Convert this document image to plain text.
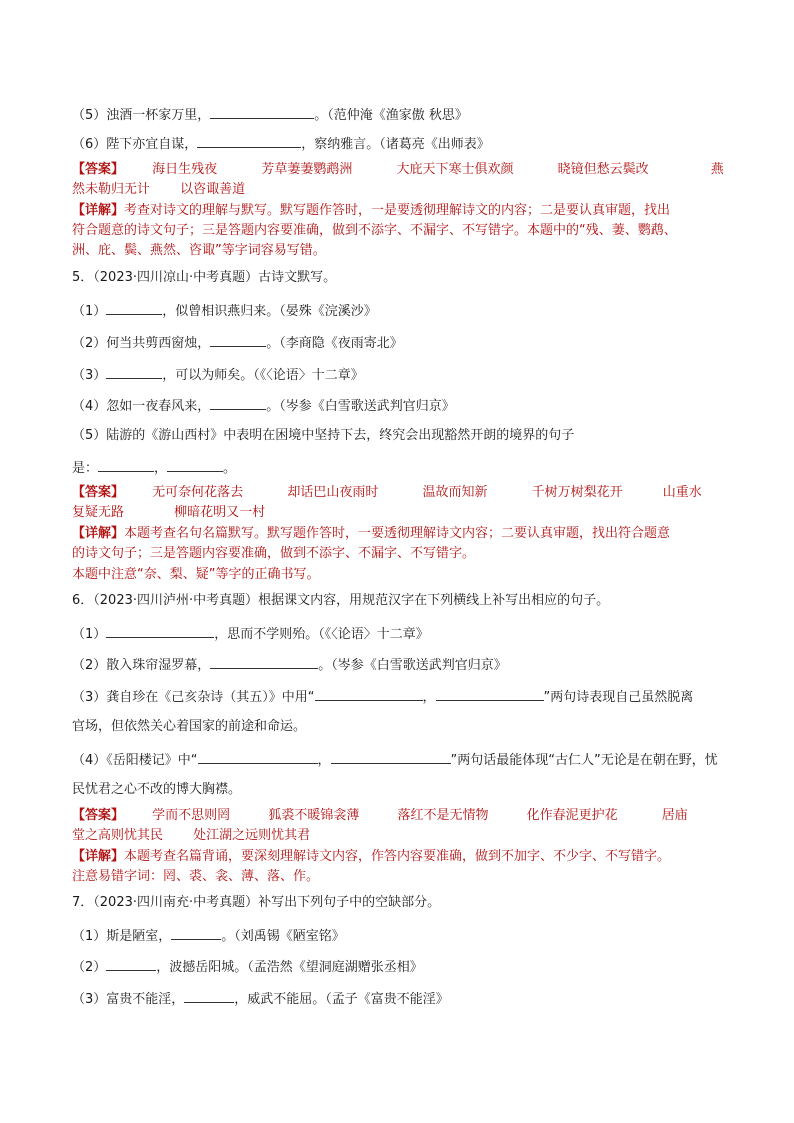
（5）浊酒一杯家万里，	。（范仲淹《渔家傲 秋思》
（6）陛下亦宜自谋，	，察纳雅言。（诸葛亮《出师表》
【答案】 海日生残夜	芳草萋萋鹦鹉洲	大庇天下寒士俱欢颜	晓镜但愁云鬓改	燕
然未勒归无计 以咨诹善道
【详解】考查对诗文的理解与默写。默写题作答时，一是要透彻理解诗文的内容；二是要认真审题，找出
符合题意的诗文句子；三是答题内容要准确，做到不添字、不漏字、不写错字。本题中的“残、萋、鹦鹉、
洲、庇、鬓、燕然、咨诹”等字词容易写错。
5．（2023·四川凉山·中考真题）古诗文默写。
（1）	，似曾相识燕归来。（晏殊《浣溪沙》
（2）何当共剪西窗烛，	。（李商隐《夜雨寄北》
（3）	，可以为师矣。（《〈论语〉十二章》
（4）忽如一夜春风来，	。（岑参《白雪歌送武判官归京》
（5）陆游的《游山西村》中表明在困境中坚持下去，终究会出现豁然开朗的境界的句子
是：	，	。
【答案】 无可奈何花落去	却话巴山夜雨时	温故而知新	千树万树梨花开	山重水
复疑无路	柳暗花明又一村
【详解】本题考查名句名篇默写。默写题作答时，一要透彻理解诗文内容；二要认真审题，找出符合题意
的诗文句子；三是答题内容要准确，做到不添字、不漏字、不写错字。
本题中注意“奈、梨、疑”等字的正确书写。
6．（2023·四川泸州·中考真题）根据课文内容，用规范汉字在下列横线上补写出相应的句子。
（1）	，思而不学则殆。（《〈论语〉十二章》
（2）散入珠帘湿罗幕，	。（岑参《白雪歌送武判官归京》
（3）龚自珍在《己亥杂诗（其五）》中用“	，	”两句诗表现自己虽然脱离
官场，但依然关心着国家的前途和命运。
（4）《岳阳楼记》中“	，	”两句话最能体现“古仁人”无论是在朝在野，忧
民忧君之心不改的博大胸襟。
【答案】 学而不思则罔	狐裘不暖锦衾薄	落红不是无情物	化作春泥更护花	居庙
堂之高则忧其民 处江湖之远则忧其君
【详解】本题考查名篇背诵，要深刻理解诗文内容，作答内容要准确，做到不加字、不少字、不写错字。
注意易错字词：罔、裘、衾、薄、落、作。
7．（2023·四川南充·中考真题）补写出下列句子中的空缺部分。
（1）斯是陋室，	。（刘禹锡《陋室铭》
（2）	，波撼岳阳城。（孟浩然《望洞庭湖赠张丞相》
（3）富贵不能淫，	，威武不能屈。（孟子《富贵不能淫》
